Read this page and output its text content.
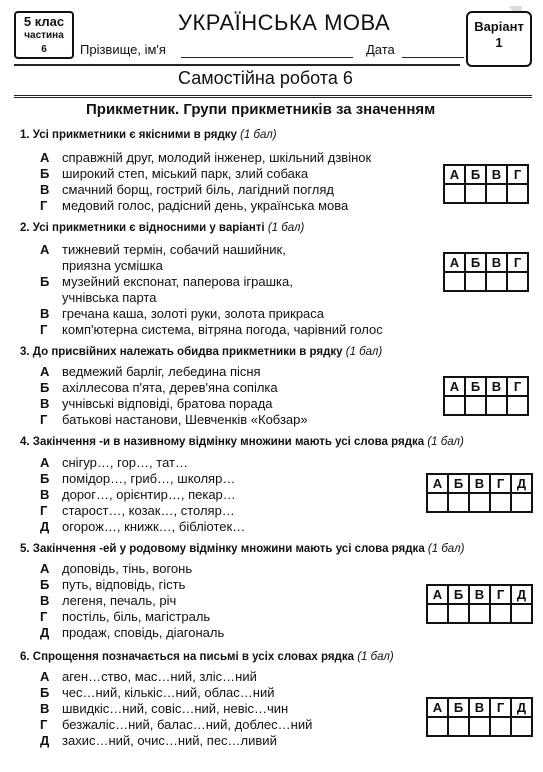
5 клас
частина
6
УКРАЇНСЬКА МОВА	Варіант
1
Прізвище, ім'я	Дата
Самостійна робота 6
Прикметник. Групи прикметників за значенням
1. Усі прикметники є якісними в рядку (1 бал)
А справжній друг, молодий інженер, шкільний дзвінок
Б широкий степ, міський парк, злий собака
В смачний борщ, гострий біль, лагідний погляд
Г медовий голос, радісний день, українська мова
А	Б	В	Г

2. Усі прикметники є відносними у варіанті (1 бал)
А тижневий термін, собачий нашийник,
приязна усмішка
Б музейний експонат, паперова іграшка,
учнівська парта
В гречана каша, золоті руки, золота прикраса
Г комп'ютерна система, вітряна погода, чарівний голос
А	Б	В	Г

3. До присвійних належать обидва прикметники в рядку (1 бал)
А ведмежий барліг, лебедина пісня
Б ахіллесова п'ята, дерев'яна сопілка
В учнівські відповіді, братова порада
Г батькові настанови, Шевченків «Кобзар»
А	Б	В	Г

4. Закінчення -и в називному відмінку множини мають усі слова рядка (1 бал)
А снігур…, гор…, тат…
Б помідор…, гриб…, школяр…
В дорог…, орієнтир…, пекар…
Г старост…, козак…, столяр…
Д огорож…, книжк…, бібліотек…
А	Б	В	Г	Д

5. Закінчення -ей у родовому відмінку множини мають усі слова рядка (1 бал)
А доповідь, тінь, вогонь
Б путь, відповідь, гість
В легеня, печаль, річ
Г постіль, біль, магістраль
Д продаж, сповідь, діагональ
А	Б	В	Г	Д

6. Спрощення позначається на письмі в усіх словах рядка (1 бал)
А аген…ство, мас…ний, зліс…ний
Б чес…ний, кількіс…ний, облас…ний
В швидкіс…ний, совіс…ний, невіс…чин
Г безжаліс…ний, балас…ний, доблес…ний
Д захис…ний, очис…ний, пес…ливий
А	Б	В	Г	Д
